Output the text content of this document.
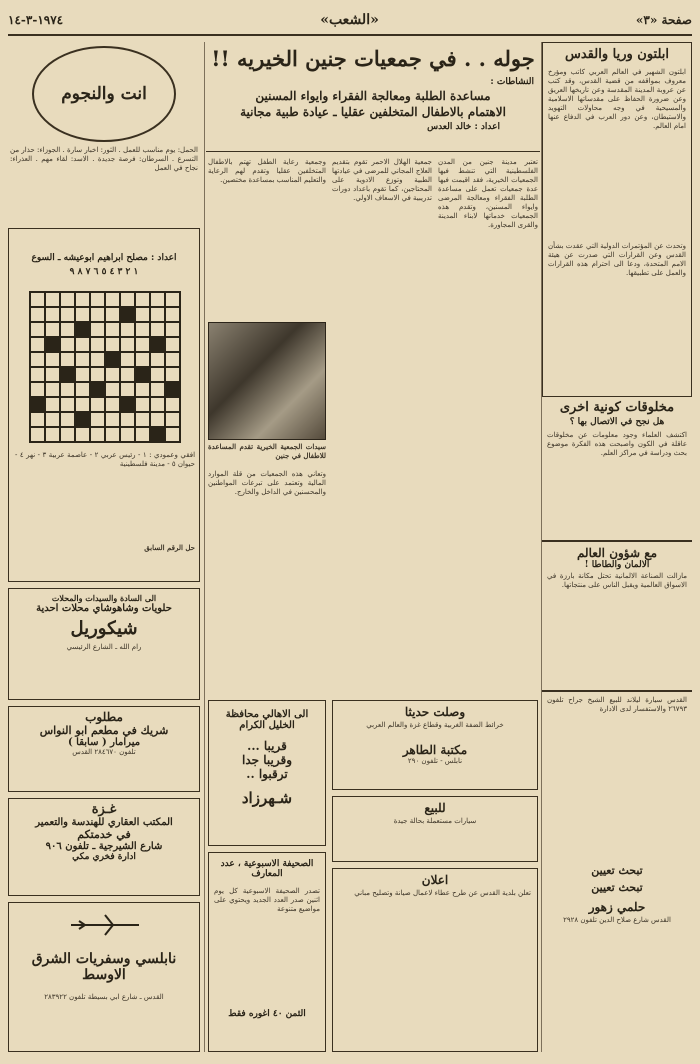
صفحة «٣»
«الشعب»
١٩٧٤-٣-١٤
ابلتون وريا والقدس
ابلتون الشهير في العالم العربي كاتب ومؤرخ معروف بمواقفه من قضية القدس، وقد كتب عن عروبة المدينة المقدسة وعن تاريخها العريق وعن ضرورة الحفاظ على مقدساتها الاسلامية والمسيحية في وجه محاولات التهويد والاستيطان، وعن دور العرب في الدفاع عنها امام العالم.
وتحدث عن المؤتمرات الدولية التي عقدت بشأن القدس وعن القرارات التي صدرت عن هيئة الامم المتحدة، ودعا الى احترام هذه القرارات والعمل على تطبيقها.
مخلوقات كونية اخرى
هل نجح في الاتصال بها ؟
اكتشف العلماء وجود معلومات عن مخلوقات عاقلة في الكون واصبحت هذه الفكرة موضوع بحث ودراسة في مراكز العلم.
مع شؤون العالم
الالمان والطاطا !
مازالت الصناعة الالمانية تحتل مكانة بارزة في الاسواق العالمية ويقبل الناس على منتجاتها.
القدس سيارة ليلاند للبيع الشيخ جراح تلفون ٢٦٧٩٣ والاستفسار لدى الادارة
تبحث تعيين
تبحث تعيين
حلمي زهور
القدس شارع صلاح الدين تلفون ٢٩٢٨
جوله . . في جمعيات جنين الخيريه !!
النشاطات :
مساعدة الطلبة ومعالجة الفقراء وايواء المسنين
الاهتمام بالاطفال المتخلفين عقليا ـ عيادة طبية مجانية
اعداد : خالد العدس
تعتبر مدينة جنين من المدن الفلسطينية التي تنشط فيها الجمعيات الخيرية، فقد اقيمت فيها عدة جمعيات تعمل على مساعدة الطلبة الفقراء ومعالجة المرضى وايواء المسنين، وتقدم هذه الجمعيات خدماتها لابناء المدينة والقرى المجاورة.
جمعية الهلال الاحمر تقوم بتقديم العلاج المجاني للمرضى في عيادتها الطبية وتوزع الادوية على المحتاجين، كما تقوم باعداد دورات تدريبية في الاسعاف الاولي.
وجمعية رعاية الطفل تهتم بالاطفال المتخلفين عقليا وتقدم لهم الرعاية والتعليم المناسب بمساعدة مختصين.
سيدات الجمعية الخيرية تقدم المساعدة للاطفال في جنين
وتعاني هذه الجمعيات من قلة الموارد المالية وتعتمد على تبرعات المواطنين والمحسنين في الداخل والخارج.
الى الاهالي محافظة الخليل الكرام
قريبا ...
وقريبا جدا
ترقبوا ..
شـهرزاد
الصحيفة الاسبوعية ، عدد المعارف
تصدر الصحيفة الاسبوعية كل يوم اثنين صدر العدد الجديد ويحتوي على مواضيع متنوعة
الثمن ٤٠ اغوره فقط
وصلت حديثا
خرائط الضفة الغربية وقطاع غزة والعالم العربي
مكتبة الطاهر
نابلس - تلفون ٢٩٠
للبيع
سيارات مستعملة بحالة جيدة
اعلان
تعلن بلدية القدس عن طرح عطاء لاعمال صيانة وتصليح مباني
انت والنجوم
الحمل: يوم مناسب للعمل . الثور: اخبار سارة . الجوزاء: حذار من التسرع . السرطان: فرصة جديدة . الاسد: لقاء مهم . العذراء: نجاح في العمل
اعداد : مصلح ابراهيم ابوعيشه ـ السوع
١ ٢ ٣ ٤ ٥ ٦ ٧ ٨ ٩
افقي وعمودي : ١ - رئيس عربي ٢ - عاصمة عربية ٣ - نهر ٤ - حيوان ٥ - مدينة فلسطينية
حل الرقم السابق
الى السادة والسيدات والمحلات
حلويات وشاهوشاي محلات احدية
شيكوريل
رام الله ـ الشارع الرئيسي
مطلوب
شريك في مطعم ابو النواس
ميرامار ( سابقا )
تلفون ٢٨٤٦٧٠ القدس
غـزة
المكتب العقاري للهندسة والتعمير
في خدمتكم
شارع الشيرجية ـ تلفون ٩٠٦
ادارة فخري مكي
نابلسي وسفريات الشرق الاوسط
القدس ـ شارع ابي بسيطة تلفون ٢٨٣٩٢٢
